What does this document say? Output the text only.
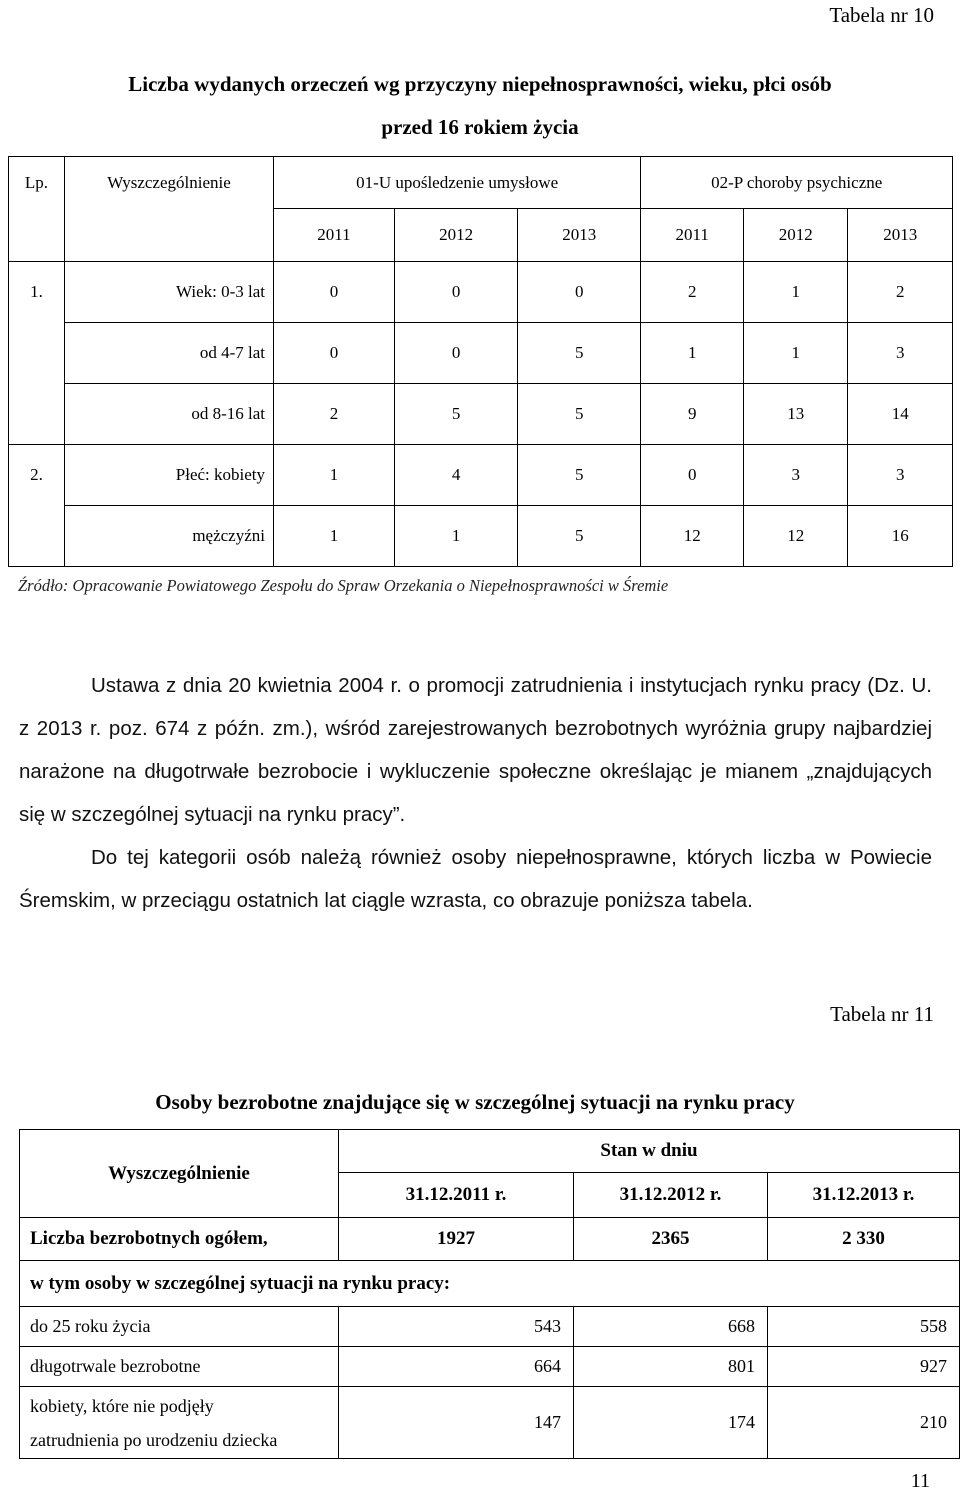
Tabela nr 10
Liczba wydanych orzeczeń wg przyczyny niepełnosprawności, wieku, płci osób
przed 16 rokiem życia
Lp.	Wyszczególnienie	01-U upośledzenie umysłowe			02-P choroby psychiczne		
		2011	2012	2013	2011	2012	2013
1.	Wiek: 0-3 lat	0	0	0	2	1	2
	od 4-7 lat	0	0	5	1	1	3
	od 8-16 lat	2	5	5	9	13	14
2.	Płeć: kobiety	1	4	5	0	3	3
	mężczyźni	1	1	5	12	12	16
Źródło: Opracowanie Powiatowego Zespołu do Spraw Orzekania o Niepełnosprawności w Śremie
Ustawa z dnia 20 kwietnia 2004 r. o promocji zatrudnienia i instytucjach rynku pracy (Dz. U. z 2013 r. poz. 674 z późn. zm.), wśród zarejestrowanych bezrobotnych wyróżnia grupy najbardziej narażone na długotrwałe bezrobocie i wykluczenie społeczne określając je mianem „znajdujących się w szczególnej sytuacji na rynku pracy”.
Do tej kategorii osób należą również osoby niepełnosprawne, których liczba w Powiecie Śremskim, w przeciągu ostatnich lat ciągle wzrasta, co obrazuje poniższa tabela.
Tabela nr 11
Osoby bezrobotne znajdujące się w szczególnej sytuacji na rynku pracy
Wyszczególnienie	Stan w dniu		
	31.12.2011 r.	31.12.2012 r.	31.12.2013 r.
Liczba bezrobotnych ogółem,	1927	2365	2 330
w tym osoby w szczególnej sytuacji na rynku pracy:			
do 25 roku życia	543	668	558
długotrwale bezrobotne	664	801	927

kobiety, które nie podjęły
zatrudnienia po urodzeniu dziecka	147	174	210
11
